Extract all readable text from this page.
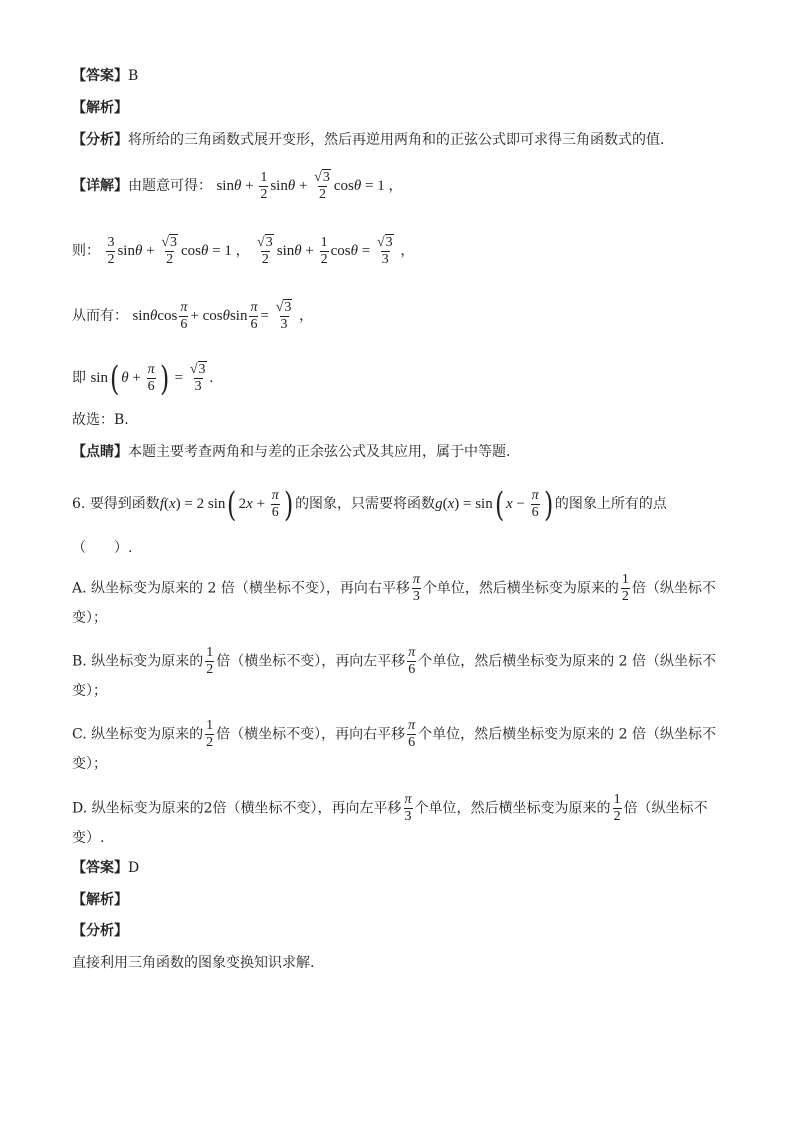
【答案】B
【解析】
【分析】将所给的三角函数式展开变形，然后再逆用两角和的正弦公式即可求得三角函数式的值.
【详解】由题意可得： $\sin\theta + \frac{1}{2}$ $\sin\theta + \frac{√3}{2}$ cosθ = 1 ，
则： $\frac{3}{2}$ $\sin\theta + \frac{√3}{2}$ cosθ = 1 ， $\frac{√3}{2}$ $\sin\theta + \frac{1}{2}$ $\cos\theta = \frac{√3}{3}$ ，
从而有： sinθcos $\frac{\pi}{6} + \cos\theta\sin \frac{\pi}{6} = \frac{√3}{3}$ ，
即 sin( $\theta + \frac{\pi}{6}$ ) = $\frac{√3}{3}$ .
故选：B.
【点睛】本题主要考查两角和与差的正余弦公式及其应用，属于中等题.
6. 要得到函数f(x) = 2 sin( $2x + \frac{\pi}{6}$ ) 的图象，只需要将函数g(x) = sin( $x - \frac{\pi}{6}$ ) 的图象上所有的点
（　　）.
A. 纵坐标变为原来的 2 倍（横坐标不变），再向右平移 $\frac{\pi}{3}$ 个单位，然后横坐标变为原来的 $\frac{1}{2}$ 倍（纵坐标不
变）；
B. 纵坐标变为原来的 $\frac{1}{2}$ 倍（横坐标不变），再向左平移 $\frac{\pi}{6}$ 个单位，然后横坐标变为原来的 2 倍（纵坐标不
变）；
C. 纵坐标变为原来的 $\frac{1}{2}$ 倍（横坐标不变），再向右平移 $\frac{\pi}{6}$ 个单位，然后横坐标变为原来的 2 倍（纵坐标不
变）；
D. 纵坐标变为原来的2倍（横坐标不变），再向左平移 $\frac{\pi}{3}$ 个单位，然后横坐标变为原来的 $\frac{1}{2}$ 倍（纵坐标不
变）.
【答案】D
【解析】
【分析】
直接利用三角函数的图象变换知识求解.
